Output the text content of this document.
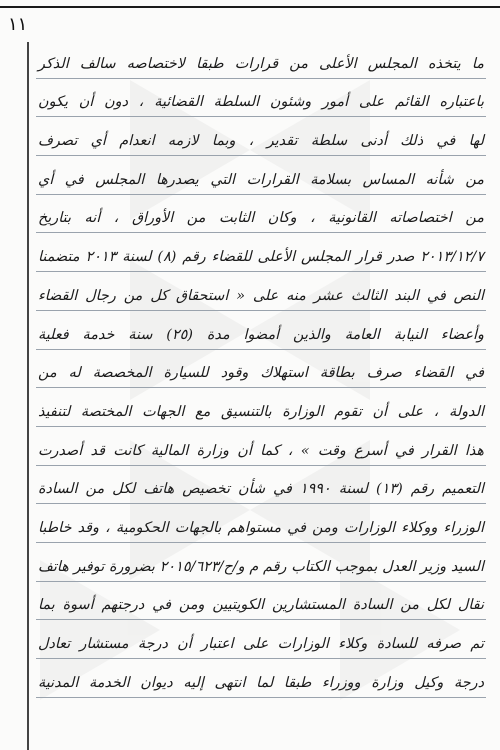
١١
ما يتخذه المجلس الأعلى من قرارات طبقا لاختصاصه سالف الذكر
باعتباره القائم على أمور وشئون السلطة القضائية ، دون أن يكون
لها في ذلك أدنى سلطة تقدير ، وبما لازمه انعدام أي تصرف
من شأنه المساس بسلامة القرارات التي يصدرها المجلس في أي
من اختصاصاته القانونية ، وكان الثابت من الأوراق ، أنه بتاريخ
٢٠١٣/١٢/٧ صدر قرار المجلس الأعلى للقضاء رقم (٨) لسنة ٢٠١٣ متضمنا
النص في البند الثالث عشر منه على « استحقاق كل من رجال القضاء
وأعضاء النيابة العامة والذين أمضوا مدة (٢٥) سنة خدمة فعلية
في القضاء صرف بطاقة استهلاك وقود للسيارة المخصصة له من
الدولة ، على أن تقوم الوزارة بالتنسيق مع الجهات المختصة لتنفيذ
هذا القرار في أسرع وقت » ، كما أن وزارة المالية كانت قد أصدرت
التعميم رقم (١٣) لسنة ١٩٩٠ في شأن تخصيص هاتف لكل من السادة
الوزراء ووكلاء الوزارات ومن في مستواهم بالجهات الحكومية ، وقد خاطبا
السيد وزير العدل بموجب الكتاب رقم م و/ح/٢٠١٥/٦٢٣ بضرورة توفير هاتف
نقال لكل من السادة المستشارين الكويتيين ومن في درجتهم أسوة بما
تم صرفه للسادة وكلاء الوزارات على اعتبار أن درجة مستشار تعادل
درجة وكيل وزارة ووزراء طبقا لما انتهى إليه ديوان الخدمة المدنية
